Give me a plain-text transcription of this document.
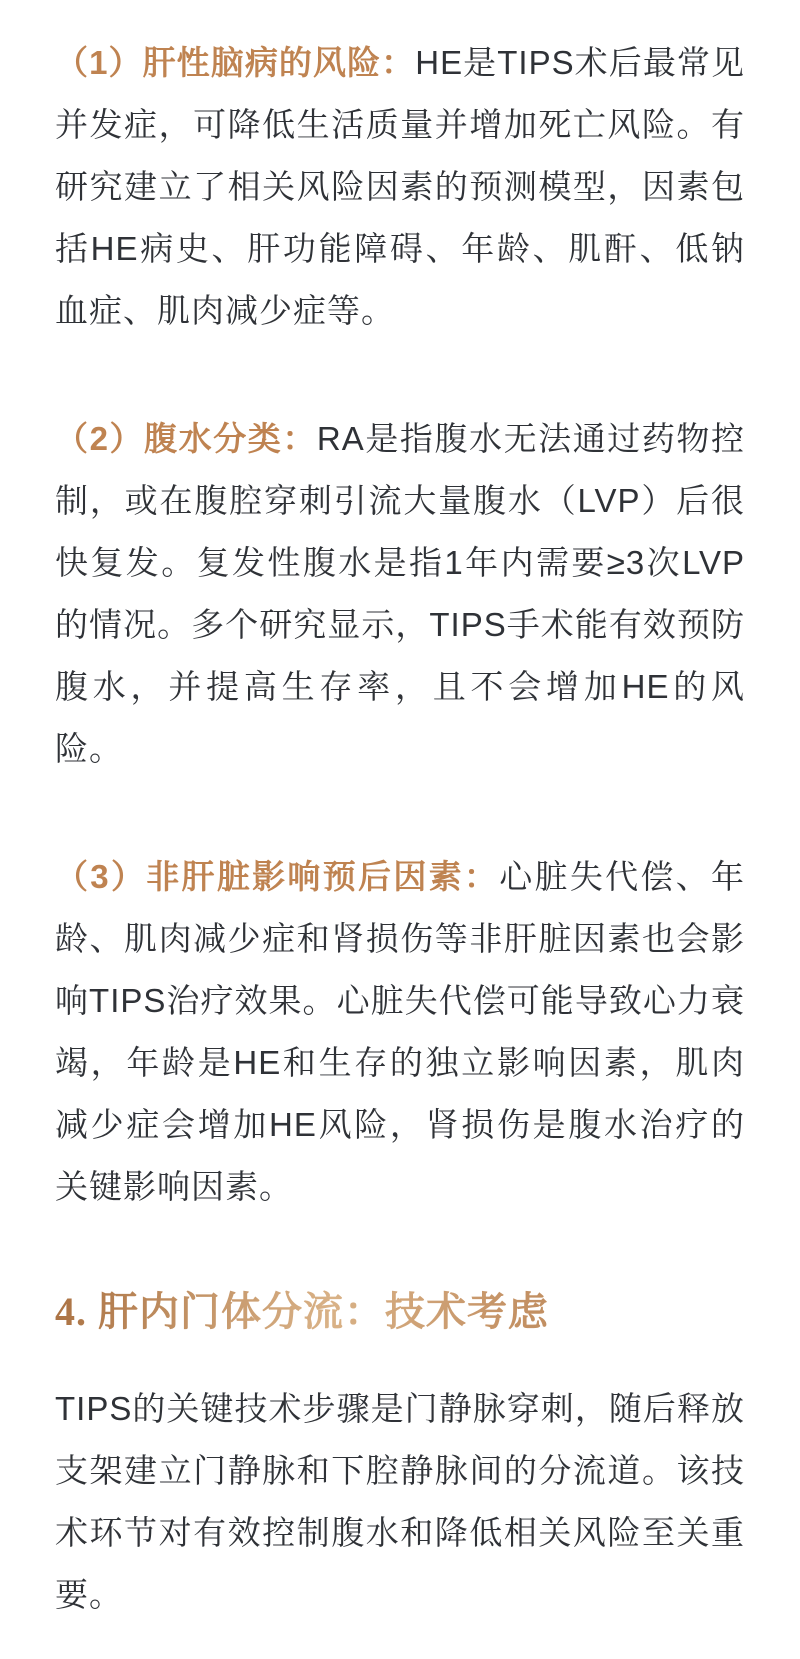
（1）肝性脑病的风险：HE是TIPS术后最常见并发症，可降低生活质量并增加死亡风险。有研究建立了相关风险因素的预测模型，因素包括HE病史、肝功能障碍、年龄、肌酐、低钠血症、肌肉减少症等。

（2）腹水分类：RA是指腹水无法通过药物控制，或在腹腔穿刺引流大量腹水（LVP）后很快复发。复发性腹水是指1年内需要≥3次LVP的情况。多个研究显示，TIPS手术能有效预防腹水，并提高生存率，且不会增加HE的风险。

（3）非肝脏影响预后因素：心脏失代偿、年龄、肌肉减少症和肾损伤等非肝脏因素也会影响TIPS治疗效果。心脏失代偿可能导致心力衰竭，年龄是HE和生存的独立影响因素，肌肉减少症会增加HE风险，肾损伤是腹水治疗的关键影响因素。

4. 肝内门体分流：技术考虑

TIPS的关键技术步骤是门静脉穿刺，随后释放支架建立门静脉和下腔静脉间的分流道。该技术环节对有效控制腹水和降低相关风险至关重要。
